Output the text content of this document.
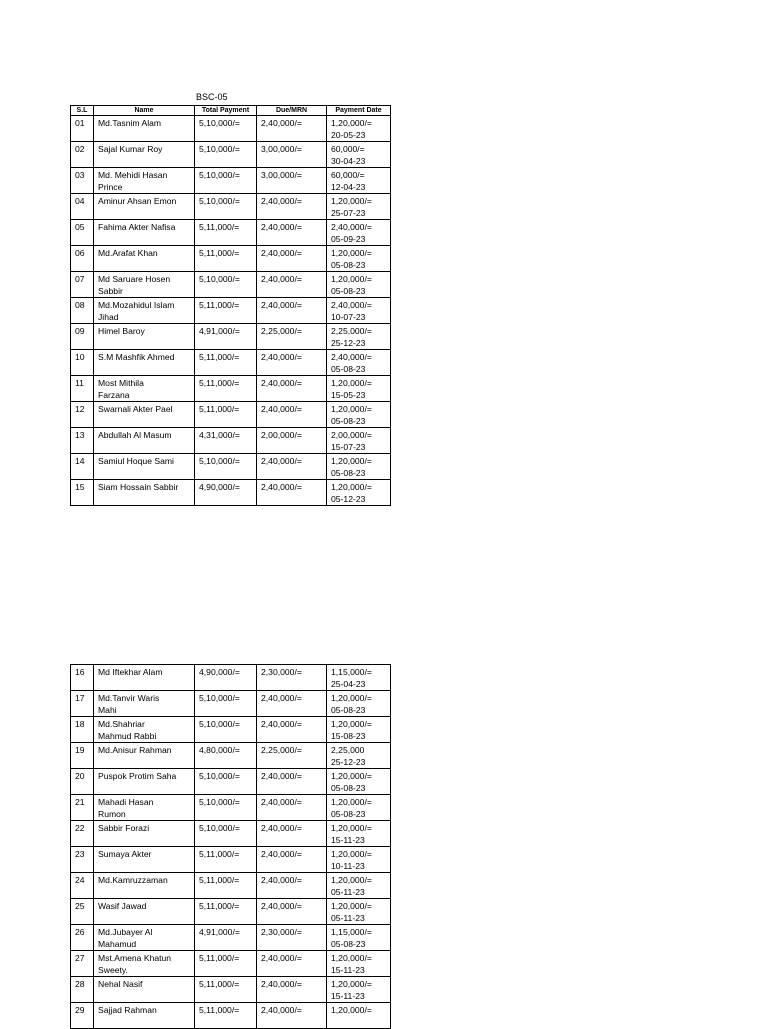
BSC-05
S.L	Name	Total Payment	Due/MRN	Payment Date
01	Md.Tasnim Alam	5,10,000/=	2,40,000/=	1,20,000/=
20-05-23
02	Sajal Kumar Roy	5,10,000/=	3,00,000/=	60,000/=
30-04-23
03	Md. Mehidi Hasan
Prince	5,10,000/=	3,00,000/=	60,000/=
12-04-23
04	Aminur Ahsan Emon	5,10,000/=	2,40,000/=	1,20,000/=
25-07-23
05	Fahima Akter Nafisa	5,11,000/=	2,40,000/=	2,40,000/=
05-09-23
06	Md.Arafat Khan	5,11,000/=	2,40,000/=	1,20,000/=
05-08-23
07	Md Saruare Hosen
Sabbir	5,10,000/=	2,40,000/=	1,20,000/=
05-08-23
08	Md.Mozahidul Islam
Jihad	5,11,000/=	2,40,000/=	2,40,000/=
10-07-23
09	Himel Baroy	4,91,000/=	2,25,000/=	2,25,000/=
25-12-23
10	S.M Mashfik Ahmed	5,11,000/=	2,40,000/=	2,40,000/=
05-08-23
11	Most Mithila
Farzana	5,11,000/=	2,40,000/=	1,20,000/=
15-05-23
12	Swarnali Akter Pael	5,11,000/=	2,40,000/=	1,20,000/=
05-08-23
13	Abdullah Al Masum	4,31,000/=	2,00,000/=	2,00,000/=
15-07-23
14	Samiul Hoque Sami	5,10,000/=	2,40,000/=	1,20,000/=
05-08-23
15	Siam Hossain Sabbir	4,90,000/=	2,40,000/=	1,20,000/=
05-12-23
16	Md Iftekhar Alam	4,90,000/=	2,30,000/=	1,15,000/=
25-04-23
17	Md.Tanvir Waris
Mahi	5,10,000/=	2,40,000/=	1,20,000/=
05-08-23
18	Md.Shahriar
Mahmud Rabbi	5,10,000/=	2,40,000/=	1,20,000/=
15-08-23
19	Md.Anisur Rahman	4,80,000/=	2,25,000/=	2,25,000
25-12-23
20	Puspok Protim Saha	5,10,000/=	2,40,000/=	1,20,000/=
05-08-23
21	Mahadi Hasan
Rumon	5,10,000/=	2,40,000/=	1,20,000/=
05-08-23
22	Sabbir Forazi	5,10,000/=	2,40,000/=	1,20,000/=
15-11-23
23	Sumaya Akter	5,11,000/=	2,40,000/=	1,20,000/=
10-11-23
24	Md.Kamruzzaman	5,11,000/=	2,40,000/=	1,20,000/=
05-11-23
25	Wasif Jawad	5,11,000/=	2,40,000/=	1,20,000/=
05-11-23
26	Md.Jubayer Al
Mahamud	4,91,000/=	2,30,000/=	1,15,000/=
05-08-23
27	Mst.Amena Khatun
Sweety.	5,11,000/=	2,40,000/=	1,20,000/=
15-11-23
28	Nehal Nasif	5,11,000/=	2,40,000/=	1,20,000/=
15-11-23
29	Sajjad Rahman	5,11,000/=	2,40,000/=	1,20,000/=
